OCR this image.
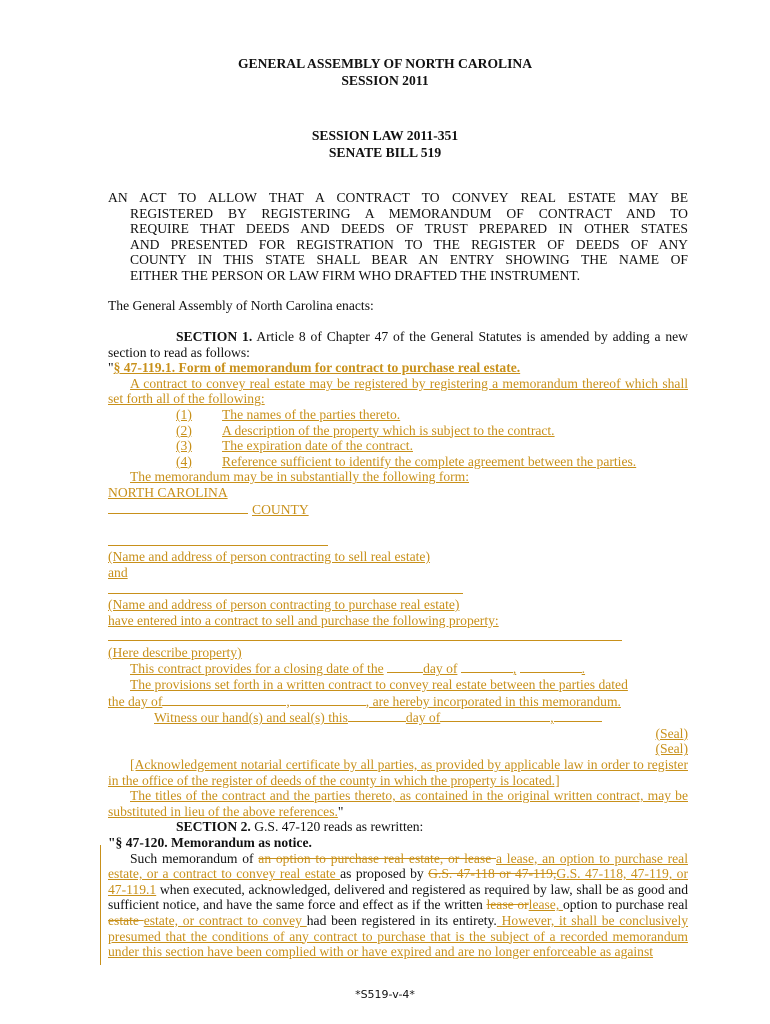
GENERAL ASSEMBLY OF NORTH CAROLINA
SESSION 2011
SESSION LAW 2011-351
SENATE BILL 519
AN ACT TO ALLOW THAT A CONTRACT TO CONVEY REAL ESTATE MAY BE
REGISTERED BY REGISTERING A MEMORANDUM OF CONTRACT AND TO
REQUIRE THAT DEEDS AND DEEDS OF TRUST PREPARED IN OTHER STATES
AND PRESENTED FOR REGISTRATION TO THE REGISTER OF DEEDS OF ANY
COUNTY IN THIS STATE SHALL BEAR AN ENTRY SHOWING THE NAME OF
EITHER THE PERSON OR LAW FIRM WHO DRAFTED THE INSTRUMENT.
The General Assembly of North Carolina enacts:
SECTION 1. Article 8 of Chapter 47 of the General Statutes is amended by adding a new section to read as follows:
"§ 47-119.1. Form of memorandum for contract to purchase real estate.
A contract to convey real estate may be registered by registering a memorandum thereof which shall set forth all of the following:
(1) The names of the parties thereto.
(2) A description of the property which is subject to the contract.
(3) The expiration date of the contract.
(4) Reference sufficient to identify the complete agreement between the parties.
The memorandum may be in substantially the following form:
NORTH CAROLINA
COUNTY
(Name and address of person contracting to sell real estate)
and
(Name and address of person contracting to purchase real estate)
have entered into a contract to sell and purchase the following property:
(Here describe property)
This contract provides for a closing date of the	day of	,	.
The provisions set forth in a written contract to convey real estate between the parties dated
the day of	,	, are hereby incorporated in this memorandum.
Witness our hand(s) and seal(s) this	day of	,
(Seal)
(Seal)
[Acknowledgement notarial certificate by all parties, as provided by applicable law in order to register in the office of the register of deeds of the county in which the property is located.]
The titles of the contract and the parties thereto, as contained in the original written contract, may be substituted in lieu of the above references."
SECTION 2. G.S. 47-120 reads as rewritten:
"§ 47-120. Memorandum as notice.
Such memorandum of an option to purchase real estate, or lease a lease, an option to purchase real estate, or a contract to convey real estate as proposed by G.S. 47-118 or 47-119,G.S. 47-118, 47-119, or 47-119.1 when executed, acknowledged, delivered and registered as required by law, shall be as good and sufficient notice, and have the same force and effect as if the written lease orlease, option to purchase real estate estate, or contract to convey had been registered in its entirety. However, it shall be conclusively presumed that the conditions of any contract to purchase that is the subject of a recorded memorandum under this section have been complied with or have expired and are no longer enforceable as against
*S519-v-4*
